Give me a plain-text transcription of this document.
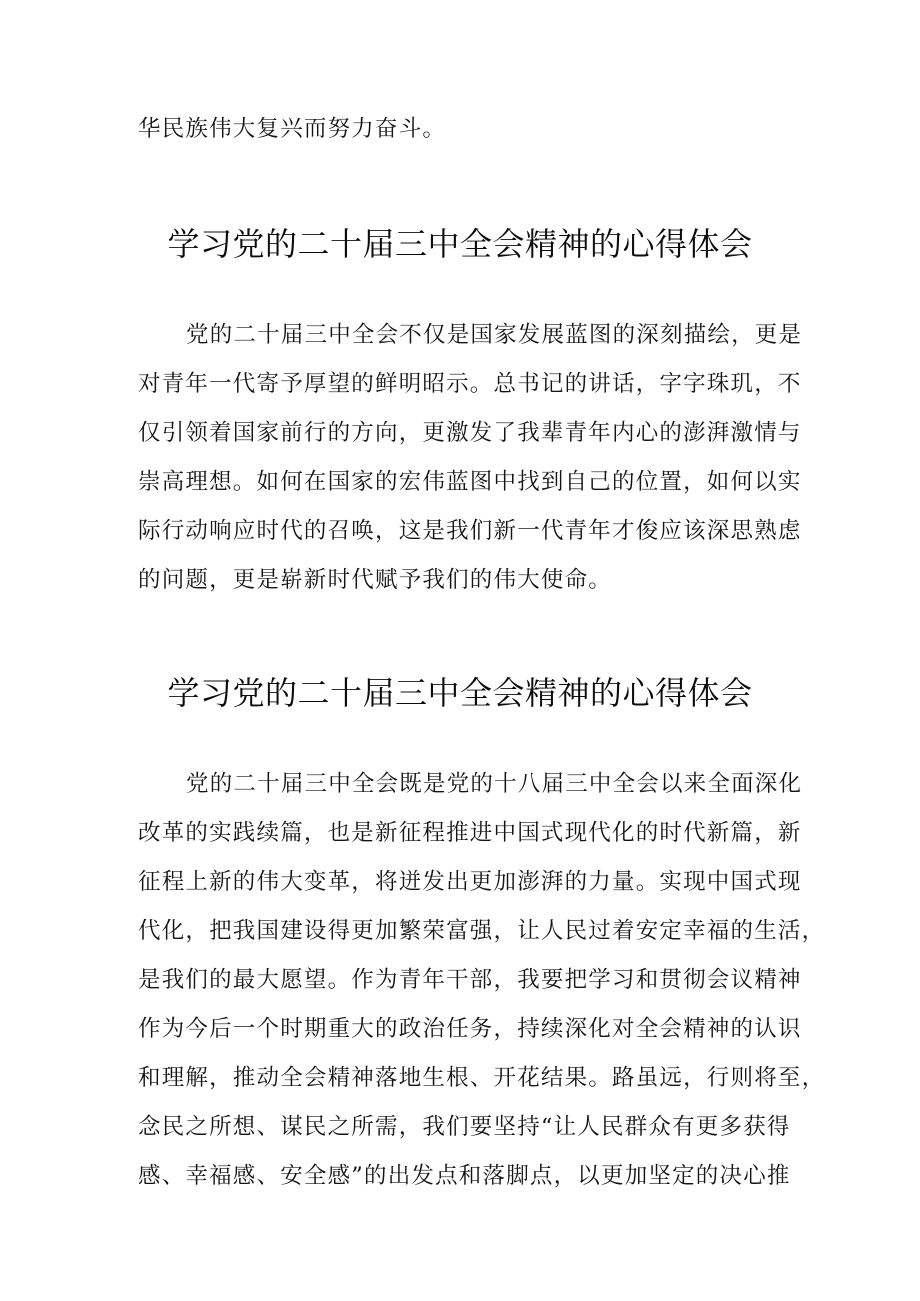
华民族伟大复兴而努力奋斗。
学习党的二十届三中全会精神的心得体会
党的二十届三中全会不仅是国家发展蓝图的深刻描绘，更是
对青年一代寄予厚望的鲜明昭示。总书记的讲话，字字珠玑，不
仅引领着国家前行的方向，更激发了我辈青年内心的澎湃激情与
崇高理想。如何在国家的宏伟蓝图中找到自己的位置，如何以实
际行动响应时代的召唤，这是我们新一代青年才俊应该深思熟虑
的问题，更是崭新时代赋予我们的伟大使命。
学习党的二十届三中全会精神的心得体会
党的二十届三中全会既是党的十八届三中全会以来全面深化
改革的实践续篇，也是新征程推进中国式现代化的时代新篇，新
征程上新的伟大变革，将迸发出更加澎湃的力量。实现中国式现
代化，把我国建设得更加繁荣富强，让人民过着安定幸福的生活，
是我们的最大愿望。作为青年干部，我要把学习和贯彻会议精神
作为今后一个时期重大的政治任务，持续深化对全会精神的认识
和理解，推动全会精神落地生根、开花结果。路虽远，行则将至，
念民之所想、谋民之所需，我们要坚持“让人民群众有更多获得
感、幸福感、安全感”的出发点和落脚点，以更加坚定的决心推
